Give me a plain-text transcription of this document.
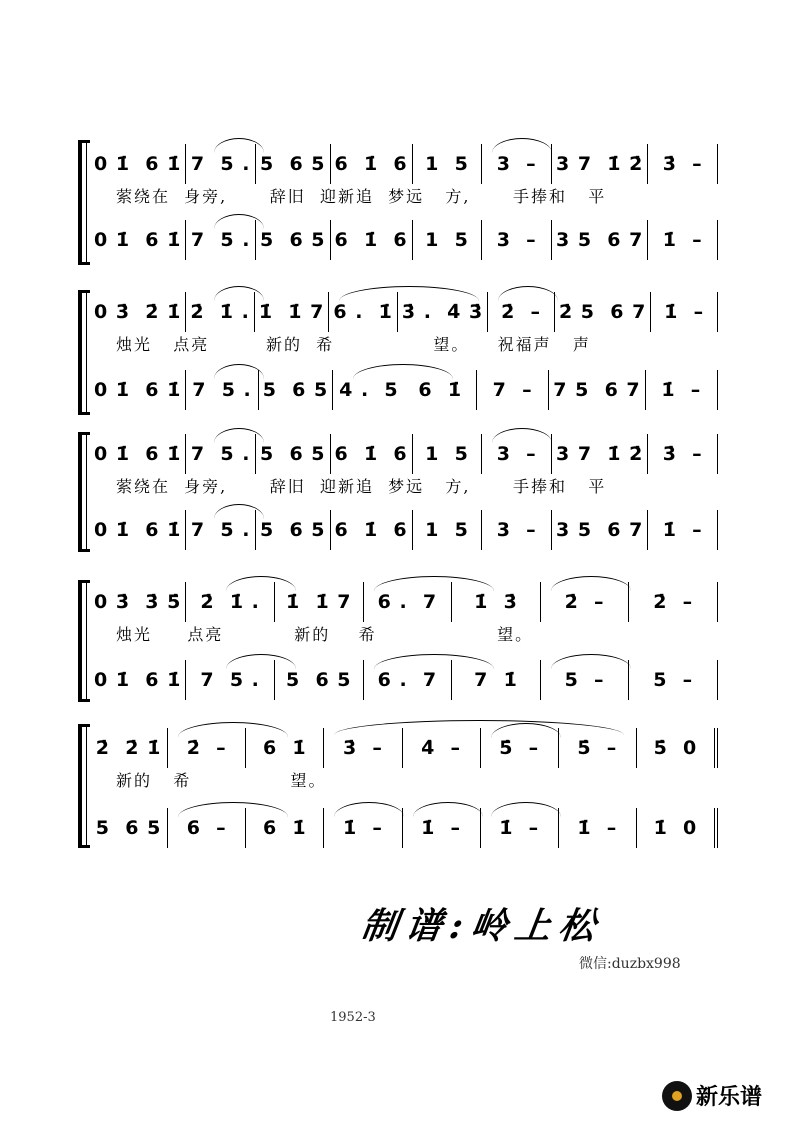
0 1̇  6 1̇ 7  5 . 5  6 5 6  1̇  6 1  5 3  – 3 7  1̇ 2̇ 3̇  –
萦绕在  身旁,      辞旧  迎新追  梦远   方,      手捧和   平
0 1̇  6 1̇ 7  5 . 5  6 5 6  1̇  6 1  5 3  – 3 5  6 7 1̇  –
0 3̇  2̇ 1̇ 2̇  1̇ . 1̇  1̇ 7 6 .  1̇ 3̇ .  4̇ 3̇ 2̇  – 2̇ 5  6 7 1̇  –
烛光   点亮        新的  希              望。    祝福声   声
0 1̇  6 1̇ 7  5 . 5  6 5 4 .  5 6  1̇ 7  – 7 5  6 7 1̇  –
0 1̇  6 1̇ 7  5 . 5  6 5 6  1̇  6 1  5 3  – 3 7  1̇ 2̇ 3̇  –
萦绕在  身旁,      辞旧  迎新追  梦远   方,      手捧和   平
0 1̇  6 1̇ 7  5 . 5  6 5 6  1̇  6 1  5 3  – 3 5  6 7 1̇  –
0 3̇  3̇ 5̇ 2̇  1̇ . 1̇  1̇ 7 6 .  7 1̇  3̇ 2̇  –	2̇  –
烛光     点亮          新的    希                 望。
0 1̇  6 1̇ 7  5 . 5  6 5 6 .  7 7  1̇ 5  –	5  –
2̇  2̇ 1̇ 2̇  – 6  1̇ 3̇  – 4̇  – 5̇  – 5̇  – 5̇  0
新的   希              望。
5  6 5 6  – 6  1̇ 1̇  – 1̇  – 1̇  – 1̇  – 1̇  0
制谱:岭上松
微信:duzbx998
1952-3
新乐谱
